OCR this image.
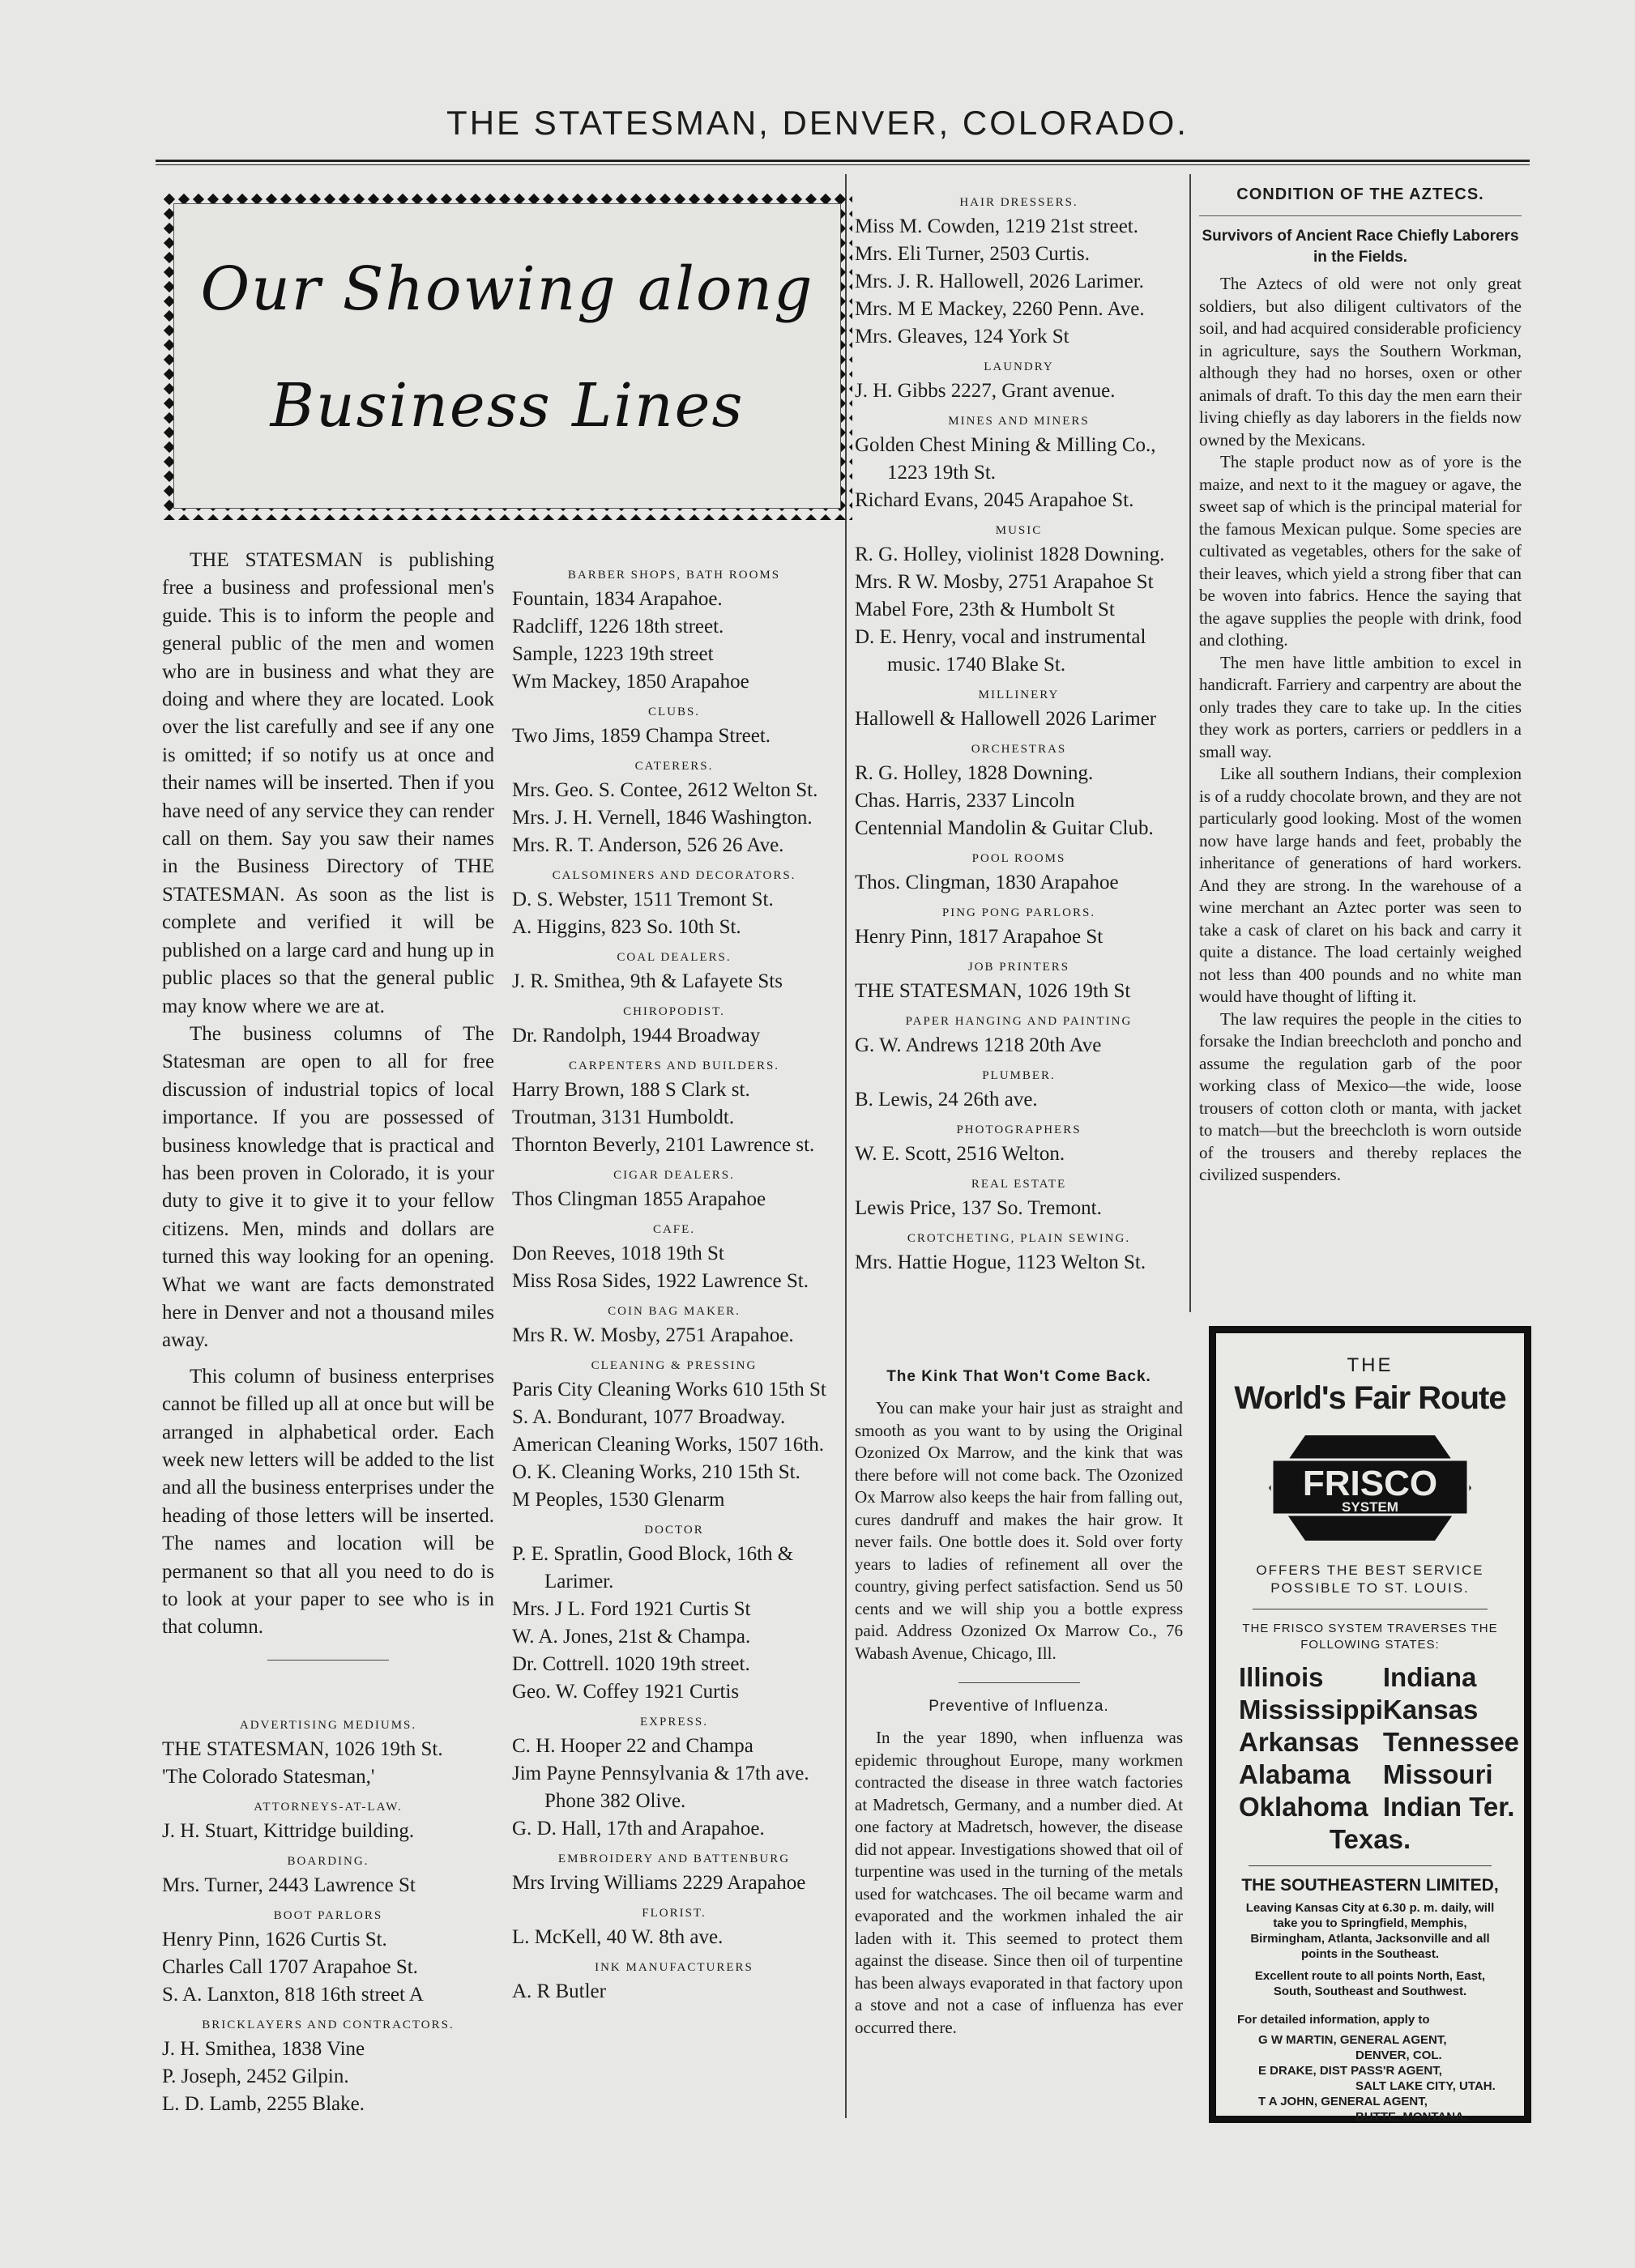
THE STATESMAN, DENVER, COLORADO.
Our Showing along
Business Lines

THE STATESMAN is publishing free a business and professional men's guide. This is to inform the people and general public of the men and women who are in business and what they are doing and where they are located. Look over the list carefully and see if any one is omitted; if so notify us at once and their names will be inserted. Then if you have need of any service they can render call on them. Say you saw their names in the Business Directory of THE STATESMAN. As soon as the list is complete and verified it will be published on a large card and hung up in public places so that the general public may know where we are at.

The business columns of The Statesman are open to all for free discussion of industrial topics of local importance. If you are possessed of business knowledge that is practical and has been proven in Colorado, it is your duty to give it to give it to your fellow citizens. Men, minds and dollars are turned this way looking for an opening. What we want are facts demonstrated here in Denver and not a thousand miles away.

This column of business enterprises cannot be filled up all at once but will be arranged in alphabetical order. Each week new letters will be added to the list and all the business enterprises under the heading of those letters will be inserted. The names and location will be permanent so that all you need to do is to look at your paper to see who is in that column.

ADVERTISING MEDIUMS.
THE STATESMAN, 1026 19th St.
'The Colorado Statesman,'
ATTORNEYS-AT-LAW.
J. H. Stuart, Kittridge building.
BOARDING.
Mrs. Turner, 2443 Lawrence St
BOOT PARLORS
Henry Pinn, 1626 Curtis St.
Charles Call 1707 Arapahoe St.
S. A. Lanxton, 818 16th street A
BRICKLAYERS AND CONTRACTORS.
J. H. Smithea, 1838 Vine
P. Joseph, 2452 Gilpin.
L. D. Lamb, 2255 Blake.
BARBER SHOPS, BATH ROOMS
Fountain, 1834 Arapahoe.
Radcliff, 1226 18th street.
Sample, 1223 19th street
Wm Mackey, 1850 Arapahoe
CLUBS.
Two Jims, 1859 Champa Street.
CATERERS.
Mrs. Geo. S. Contee, 2612 Welton St.
Mrs. J. H. Vernell, 1846 Washington.
Mrs. R. T. Anderson, 526 26 Ave.
CALSOMINERS AND DECORATORS.
D. S. Webster, 1511 Tremont St.
A. Higgins, 823 So. 10th St.
COAL DEALERS.
J. R. Smithea, 9th & Lafayete Sts
CHIROPODIST.
Dr. Randolph, 1944 Broadway
CARPENTERS AND BUILDERS.
Harry Brown, 188 S Clark st.
Troutman, 3131 Humboldt.
Thornton Beverly, 2101 Lawrence st.
CIGAR DEALERS.
Thos Clingman 1855 Arapahoe
CAFE.
Don Reeves, 1018 19th St
Miss Rosa Sides, 1922 Lawrence St.
COIN BAG MAKER.
Mrs R. W. Mosby, 2751 Arapahoe.
CLEANING & PRESSING
Paris City Cleaning Works 610 15th St
S. A. Bondurant, 1077 Broadway.
American Cleaning Works, 1507 16th.
O. K. Cleaning Works, 210 15th St.
M Peoples, 1530 Glenarm
DOCTOR
P. E. Spratlin, Good Block, 16th & Larimer.
Mrs. J L. Ford 1921 Curtis St
W. A. Jones, 21st & Champa.
Dr. Cottrell. 1020 19th street.
Geo. W. Coffey 1921 Curtis
EXPRESS.
C. H. Hooper 22 and Champa
Jim Payne Pennsylvania & 17th ave. Phone 382 Olive.
G. D. Hall, 17th and Arapahoe.
EMBROIDERY AND BATTENBURG
Mrs Irving Williams 2229 Arapahoe
FLORIST.
L. McKell, 40 W. 8th ave.
INK MANUFACTURERS
A. R Butler
HAIR DRESSERS.
Miss M. Cowden, 1219 21st street.
Mrs. Eli Turner, 2503 Curtis.
Mrs. J. R. Hallowell, 2026 Larimer.
Mrs. M E Mackey, 2260 Penn. Ave.
Mrs. Gleaves, 124 York St
LAUNDRY
J. H. Gibbs 2227, Grant avenue.
MINES AND MINERS
Golden Chest Mining & Milling Co., 1223 19th St.
Richard Evans, 2045 Arapahoe St.
MUSIC
R. G. Holley, violinist 1828 Downing.
Mrs. R W. Mosby, 2751 Arapahoe St
Mabel Fore, 23th & Humbolt St
D. E. Henry, vocal and instrumental music. 1740 Blake St.
MILLINERY
Hallowell & Hallowell 2026 Larimer
ORCHESTRAS
R. G. Holley, 1828 Downing.
Chas. Harris, 2337 Lincoln
Centennial Mandolin & Guitar Club.
POOL ROOMS
Thos. Clingman, 1830 Arapahoe
PING PONG PARLORS.
Henry Pinn, 1817 Arapahoe St
JOB PRINTERS
THE STATESMAN, 1026 19th St
PAPER HANGING AND PAINTING
G. W. Andrews 1218 20th Ave
PLUMBER.
B. Lewis, 24 26th ave.
PHOTOGRAPHERS
W. E. Scott, 2516 Welton.
REAL ESTATE
Lewis Price, 137 So. Tremont.
CROTCHETING, PLAIN SEWING.
Mrs. Hattie Hogue, 1123 Welton St.
The Kink That Won't Come Back.

You can make your hair just as straight and smooth as you want to by using the Original Ozonized Ox Marrow, and the kink that was there before will not come back. The Ozonized Ox Marrow also keeps the hair from falling out, cures dandruff and makes the hair grow. It never fails. One bottle does it. Sold over forty years to ladies of refinement all over the country, giving perfect satisfaction. Send us 50 cents and we will ship you a bottle express paid. Address Ozonized Ox Marrow Co., 76 Wabash Avenue, Chicago, Ill.

Preventive of Influenza.

In the year 1890, when influenza was epidemic throughout Europe, many workmen contracted the disease in three watch factories at Madretsch, Germany, and a number died. At one factory at Madretsch, however, the disease did not appear. Investigations showed that oil of turpentine was used in the turning of the metals used for watchcases. The oil became warm and evaporated and the workmen inhaled the air laden with it. This seemed to protect them against the disease. Since then oil of turpentine has been always evaporated in that factory upon a stove and not a case of influenza has ever occurred there.

CONDITION OF THE AZTECS.
Survivors of Ancient Race Chiefly Laborers in the Fields.

The Aztecs of old were not only great soldiers, but also diligent cultivators of the soil, and had acquired considerable proficiency in agriculture, says the Southern Workman, although they had no horses, oxen or other animals of draft. To this day the men earn their living chiefly as day laborers in the fields now owned by the Mexicans.

The staple product now as of yore is the maize, and next to it the maguey or agave, the sweet sap of which is the principal material for the famous Mexican pulque. Some species are cultivated as vegetables, others for the sake of their leaves, which yield a strong fiber that can be woven into fabrics. Hence the saying that the agave supplies the people with drink, food and clothing.

The men have little ambition to excel in handicraft. Farriery and carpentry are about the only trades they care to take up. In the cities they work as porters, carriers or peddlers in a small way.

Like all southern Indians, their complexion is of a ruddy chocolate brown, and they are not particularly good looking. Most of the women now have large hands and feet, probably the inheritance of generations of hard workers. And they are strong. In the warehouse of a wine merchant an Aztec porter was seen to take a cask of claret on his back and carry it quite a distance. The load certainly weighed not less than 400 pounds and no white man would have thought of lifting it.

The law requires the people in the cities to forsake the Indian breechcloth and poncho and assume the regulation garb of the poor working class of Mexico—the wide, loose trousers of cotton cloth or manta, with jacket to match—but the breechcloth is worn outside of the trousers and thereby replaces the civilized suspenders.

THE
World's Fair Route
FRISCO
SYSTEM
OFFERS THE BEST SERVICE POSSIBLE TO ST. LOUIS.
THE FRISCO SYSTEM TRAVERSES THE FOLLOWING STATES:
Illinois
Mississippi
Arkansas
Alabama
Oklahoma
Indiana
Kansas
Tennessee
Missouri
Indian Ter.
Texas.
THE SOUTHEASTERN LIMITED,
Leaving Kansas City at 6.30 p. m. daily, will take you to Springfield, Memphis, Birmingham, Atlanta, Jacksonville and all points in the Southeast.
Excellent route to all points North, East, South, Southeast and Southwest.
For detailed information, apply to
G W MARTIN, GENERAL AGENT,
DENVER, COL.
E DRAKE, DIST PASS'R AGENT,
SALT LAKE CITY, UTAH.
T A JOHN, GENERAL AGENT,
BUTTE, MONTANA.
